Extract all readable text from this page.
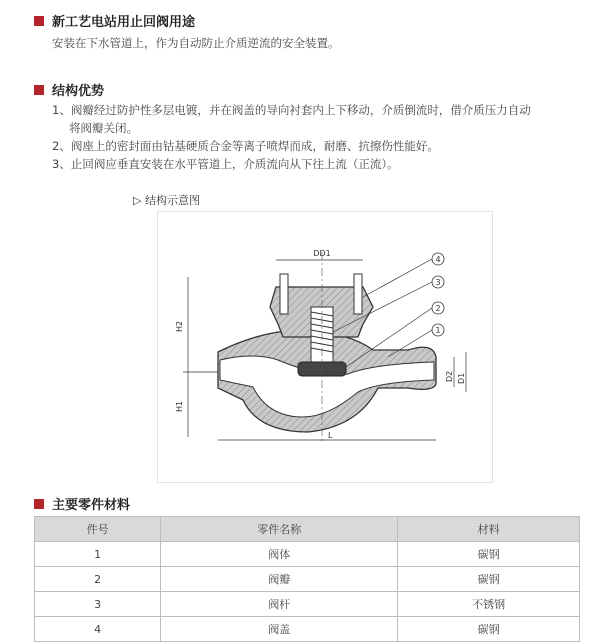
新工艺电站用止回阀用途
安装在下水管道上，作为自动防止介质逆流的安全装置。
结构优势
1、阀瓣经过防护性多层电镀，并在阀盖的导向衬套内上下移动，介质倒流时，借介质压力自动
将阀瓣关闭。
2、阀座上的密封面由钴基硬质合金等离子喷焊而成，耐磨、抗擦伤性能好。
3、止回阀应垂直安装在水平管道上，介质流向从下往上流（正流）。
▷ 结构示意图
DD1
H2
H1
D2 D1
L
4
3
2
1
主要零件材料
件号	零件名称	材料
1	阀体	碳钢
2	阀瓣	碳钢
3	阀杆	不锈钢
4	阀盖	碳钢
